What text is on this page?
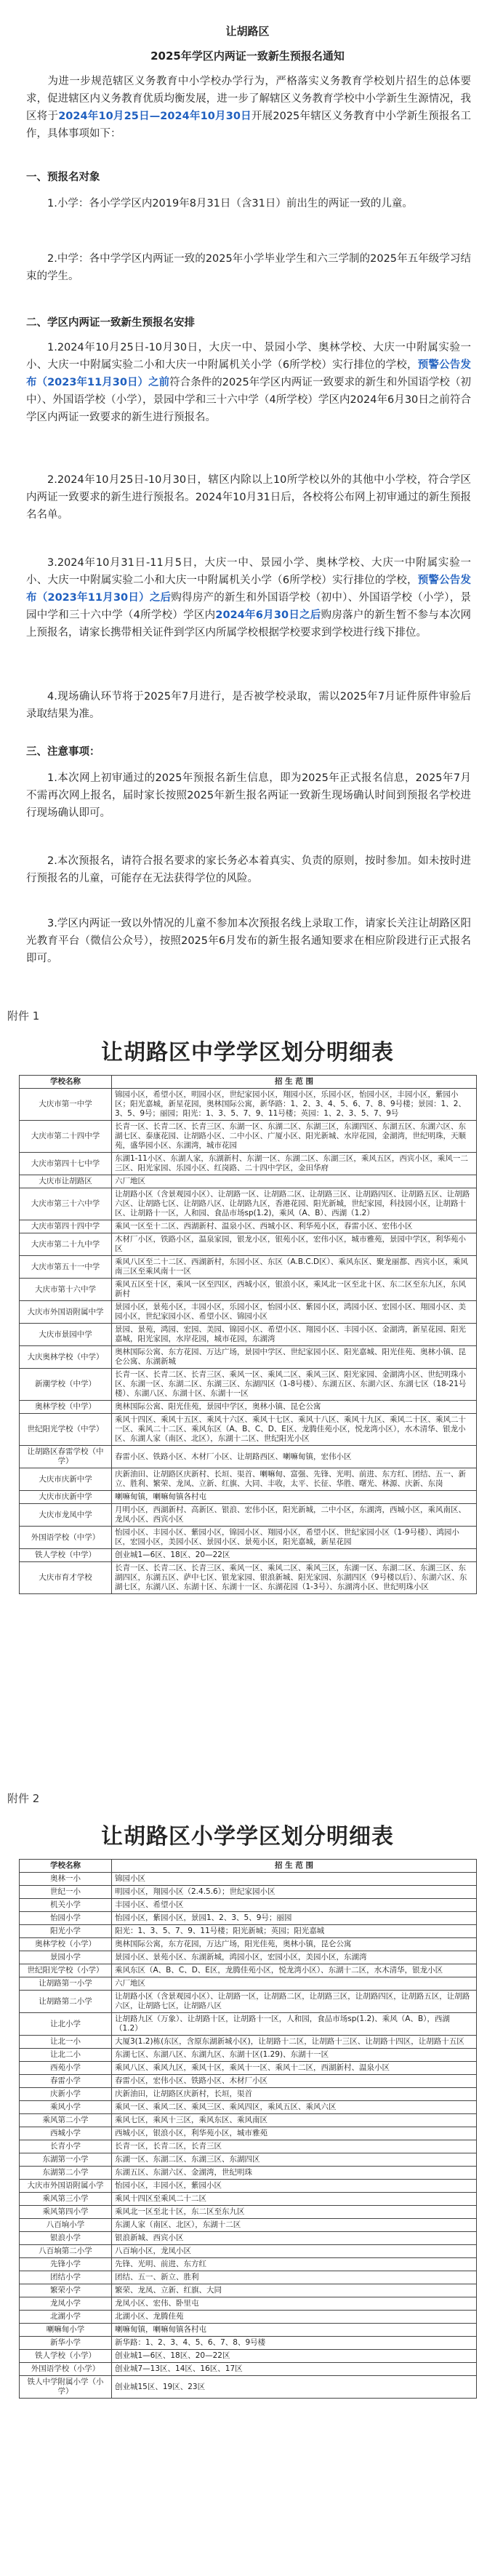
让胡路区
2025年学区内两证一致新生预报名通知
  为进一步规范辖区义务教育中小学校办学行为，严格落实义务教育学校划片招生的总体要求，促进辖区内义务教育优质均衡发展，进一步了解辖区义务教育学校中小学新生生源情况，我区将于2024年10月25日—2024年10月30日开展2025年辖区义务教育中小学新生预报名工作，具体事项如下：
一、预报名对象
  1.小学：各小学学区内2019年8月31日（含31日）前出生的两证一致的儿童。
  2.中学：各中学学区内两证一致的2025年小学毕业学生和六三学制的2025年五年级学习结束的学生。
二、学区内两证一致新生预报名安排
  1.2024年10月25日-10月30日，大庆一中、景园小学、奥林学校、大庆一中附属实验一小、大庆一中附属实验二小和大庆一中附属机关小学（6所学校）实行排位的学校，预警公告发布（2023年11月30日）之前符合条件的2025年学区内两证一致要求的新生和外国语学校（初中）、外国语学校（小学），景园中学和三十六中学（4所学校）学区内2024年6月30日之前符合学区内两证一致要求的新生进行预报名。
  2.2024年10月25日-10月30日，辖区内除以上10所学校以外的其他中小学校，符合学区内两证一致要求的新生进行预报名。2024年10月31日后，各校将公布网上初审通过的新生预报名名单。
  3.2024年10月31日-11月5日，大庆一中、景园小学、奥林学校、大庆一中附属实验一小、大庆一中附属实验二小和大庆一中附属机关小学（6所学校）实行排位的学校，预警公告发布（2023年11月30日）之后购得房产的新生和外国语学校（初中）、外国语学校（小学），景园中学和三十六中学（4所学校）学区内2024年6月30日之后购房落户的新生暂不参与本次网上预报名，请家长携带相关证件到学区内所属学校根据学校要求到学校进行线下排位。
  4.现场确认环节将于2025年7月进行，是否被学校录取，需以2025年7月证件原件审验后录取结果为准。
三、注意事项：
  1.本次网上初审通过的2025年预报名新生信息，即为2025年正式报名信息，2025年7月不需再次网上报名，届时家长按照2025年新生报名两证一致新生现场确认时间到预报名学校进行现场确认即可。
  2.本次预报名，请符合报名要求的家长务必本着真实、负责的原则，按时参加。如未按时进行预报名的儿童，可能存在无法获得学位的风险。
  3.学区内两证一致以外情况的儿童不参加本次预报名线上录取工作，请家长关注让胡路区阳光教育平台（微信公众号），按照2025年6月发布的新生报名通知要求在相应阶段进行正式报名即可。
附件 1
让胡路区中学学区划分明细表
学校名称	招 生 范 围
大庆市第一中学	锦园小区，希望小区，明园小区，世纪家园小区，翔园小区，乐园小区，怡园小区，丰园小区，紫园小区；阳光嘉城，新星花园，奥林国际公寓，新华路：1、2、3、4、5、6、7、8、9号楼；景园：1、2、3、5、9号；丽园；阳光：1、3、5、7、9、11号楼；英园：1、2、3、5、7、9号
大庆市第二十四中学	长青一区、长青二区、长青三区、东湖一区、东湖二区、东湖三区，东湖四区、东湖五区、东湖六区、东湖七区、泰康花园、让胡路小区、二中小区、广厦小区、阳光新城、水岸花园，金湖湾，世纪明珠，天顺苑，盛华园小区、东湖湾，城市花园
大庆市第四十七中学	东湖1-11小区、东湖人家，东湖新村、东湖一区、东湖二区、东湖三区，乘风五区，西宾小区，乘风一二三区、阳光家园、乐园小区、红岗路、二十四中学区，金田华府
大庆市让胡路区	六厂地区
大庆市第三十六中学	让胡路小区（含景观园小区）、让胡路一区、让胡路二区、让胡路三区、让胡路四区、让胡路五区、让胡路六区、让胡路七区、让胡路八区、让胡路九区，香港花园、阳光新城，世纪家园，科技园小区，让胡路十区、让胡路十一区，人和园、食品市场sp(1.2)，乘风（A、B）、西湖（1.2）
大庆市第四十四中学	乘风一区至十二区、西湖新村、温泉小区、西城小区、利华苑小区，春雷小区、宏伟小区
大庆市第二十九中学	木材厂小区，铁路小区，温泉家园，银龙小区，银苑小区，宏伟小区，城市雅苑，景园中学区，利华苑小区
大庆市第五十一中学	乘风八区至二十二区、西湖新村，东园小区、东区（A.B.C.D区）、乘风东区、聚龙丽都、西宾小区，乘风南三区至乘风南十一区
大庆市第十六中学	乘风五区至十区，乘风一区至四区，西城小区，银浪小区，乘风北一区至北十区、东二区至东九区，东风新村
大庆市外国语附属中学	景园小区，景苑小区，丰园小区，乐园小区，怡园小区、紫园小区，鸿园小区、宏园小区、翔园小区、美园小区，世纪家园小区、希望小区、锦园小区
大庆市景园中学	景园、景苑，鸿园、宏园、美园、锦园小区、希望小区、翔园小区、丰园小区、金湖湾，新星花园、阳光嘉城，阳光家园，水岸花园，城市花园，东湖湾
大庆奥林学校（中学）	奥林国际公寓、东方花园、万达广场，景园中学区、世纪家园小区、阳光嘉城、阳光佳苑、奥林小镇、昆仑公寓、东湖新城
新潮学校（中学）	长青一区、长青二区、长青三区、乘风一区、乘风二区、乘风三区、阳光家园、金湖湾小区、世纪明珠小区、东湖一区、东湖二区、东湖三区、东湖四区（1-8号楼）、东湖五区、东湖六区、东湖七区（18-21号楼）、东湖八区、东湖十区、东湖十一区
奥林学校（中学）	奥林国际公寓、阳光佳苑，景园中学区，奥林小镇、昆仑公寓
世纪阳光学校（中学）	乘风十四区、乘风十五区、乘风十六区、乘风十七区、乘风十八区、乘风十九区、乘风二十区、乘风二十一区、乘风二十二区、乘风东区（A、B、C、D、E区、龙腾佳苑小区，悦龙湾小区），水木清华、银龙小区、东湖人家（南区、北区），东湖十二区、世纪阳光小区
让胡路区春雷学校（中学）	春雷小区、铁路小区、木材厂小区、让胡路西区、喇嘛甸镇，宏伟小区
大庆市庆新中学	庆新油田、让胡路区庆新村、长垣、渠首、喇嘛甸、富强、先锋、光明、前进、东方红、团结、五一、新立、胜利、繁荣、龙凤、立新、红旗、大同、丰收，太平、长征、华胜、曙光、林源、庆新、东岗
大庆市庆新中学	喇嘛甸镇，喇嘛甸镇各村屯
大庆市龙凤中学	月明小区，西湖新村、高新区、银浪、宏伟小区，阳光新城，二中小区，东湖湾，西城小区，乘风南区、龙凤小区、西宾小区
外国语学校（中学）	怡园小区、丰园小区、紫园小区，锦园小区、翔园小区，希望小区、世纪家园小区（1-9号楼）、鸿园小区，宏园小区，美园小区、景园小区、景苑小区，阳光嘉城，新星花园
铁人学校（中学）	创业城1—6区、18区、20—22区
大庆市育才学校	长青一区、长青二区、长青三区、乘风一区、乘风二区、乘风三区，东湖一区、东湖二区、东湖三区、东湖四区，东湖五区、萨中七区、银龙家园、银浪新城、阳光家园、东湖四区（9号楼以后）、东湖六区、东湖七区，东湖八区、东湖十区、东湖十一区、东湖花园（1-3号）、东湖湾小区、世纪明珠小区
附件 2
让胡路区小学学区划分明细表
学校名称	招 生 范 围
奥林一小	锦园小区
世纪一小	明园小区，翔园小区（2.4.5.6）；世纪家园小区
机关小学	丰园小区、希望小区
怡园小学	怡园小区，紫园小区，景园1、2、3、5、9号；丽园
阳光小学	阳光：1、3、5、7、9、11号楼；阳光新城；英园；阳光嘉城
奥林学校（小学）	奥林国际公寓，东方花园，万达广场，阳光佳苑，奥林小镇，昆仑公寓
景园小学	景园小区、景苑小区、东湖新城，鸿园小区，宏园小区，美园小区，东湖湾
世纪阳光学校（小学）	乘风东区（A、B、C、D、E区，龙腾佳苑小区，悦龙湾小区）、东湖十二区，水木清华，银龙小区
让胡路第一小学	六厂地区
让胡路第二小学	让胡路小区（含景观园小区）、让胡路一区，让胡路二区，让胡路三区，让胡路四区，让胡路五区，让胡路六区，让胡路七区，让胡路八区
让北小学	让胡路九区（万象）、让胡路十区，让胡路十一区，人和园，食品市场sp(1.2)、乘风（A、B），西湖（1.2）
让北一小	大厦3(1.2)栋(东区，含原东湖新城小区)，让胡路十二区，让胡路十三区、让胡路十四区，让胡路十五区
让北二小	东湖七区、东湖八区、东湖九区、东湖十区(1.29)、东湖十一区
西苑小学	乘风八区、乘风九区，乘风十区，乘风十一区、乘风十二区，西湖新村、温泉小区
春雷小学	春雷小区，宏伟小区、铁路小区、木材厂小区
庆新小学	庆新油田，让胡路区庆新村，长垣，渠首
乘风小学	乘风一区、乘风二区、乘风三区、乘风四区，乘风五区、乘风六区
乘风第二小学	乘风七区，乘风十三区，乘风东区、乘风南区
西城小学	西城小区，银浪小区，利华苑小区，城市雅苑
长青小学	长青一区，长青二区，长青三区
东湖第一小学	东湖一区、东湖二区、东湖三区、东湖四区
东湖第二小学	东湖五区、东湖六区、金湖湾，世纪明珠
大庆市外国语附属小学	怡园小区，丰园小区，紫园小区
乘风第三小学	乘风十四区至乘风二十二区
乘风第四小学	乘风北一区至北十区，东二区至东九区
八百垧小学	东湖人家（南区、北区），东湖十二区
银浪小学	银浪新城、西宾小区
八百垧第二小学	八百垧小区，龙凤小区
先锋小学	先锋、光明、前进、东方红
团结小学	团结、五一、新立、胜利
繁荣小学	繁荣、龙凤、立新、红旗、大同
龙凤小学	龙凤小区、宏伟、卧里屯
北湖小学	北湖小区、龙腾佳苑
喇嘛甸小学	喇嘛甸镇，喇嘛甸镇各村屯
新华小学	新华路：1、2、3、4、5、6、7、8、9号楼
铁人学校（小学）	创业城1—6区、18区、20—22区
外国语学校（小学）	创业城7—13区、14区、16区、17区
铁人中学附属小学（小学）	创业城15区、19区、23区
